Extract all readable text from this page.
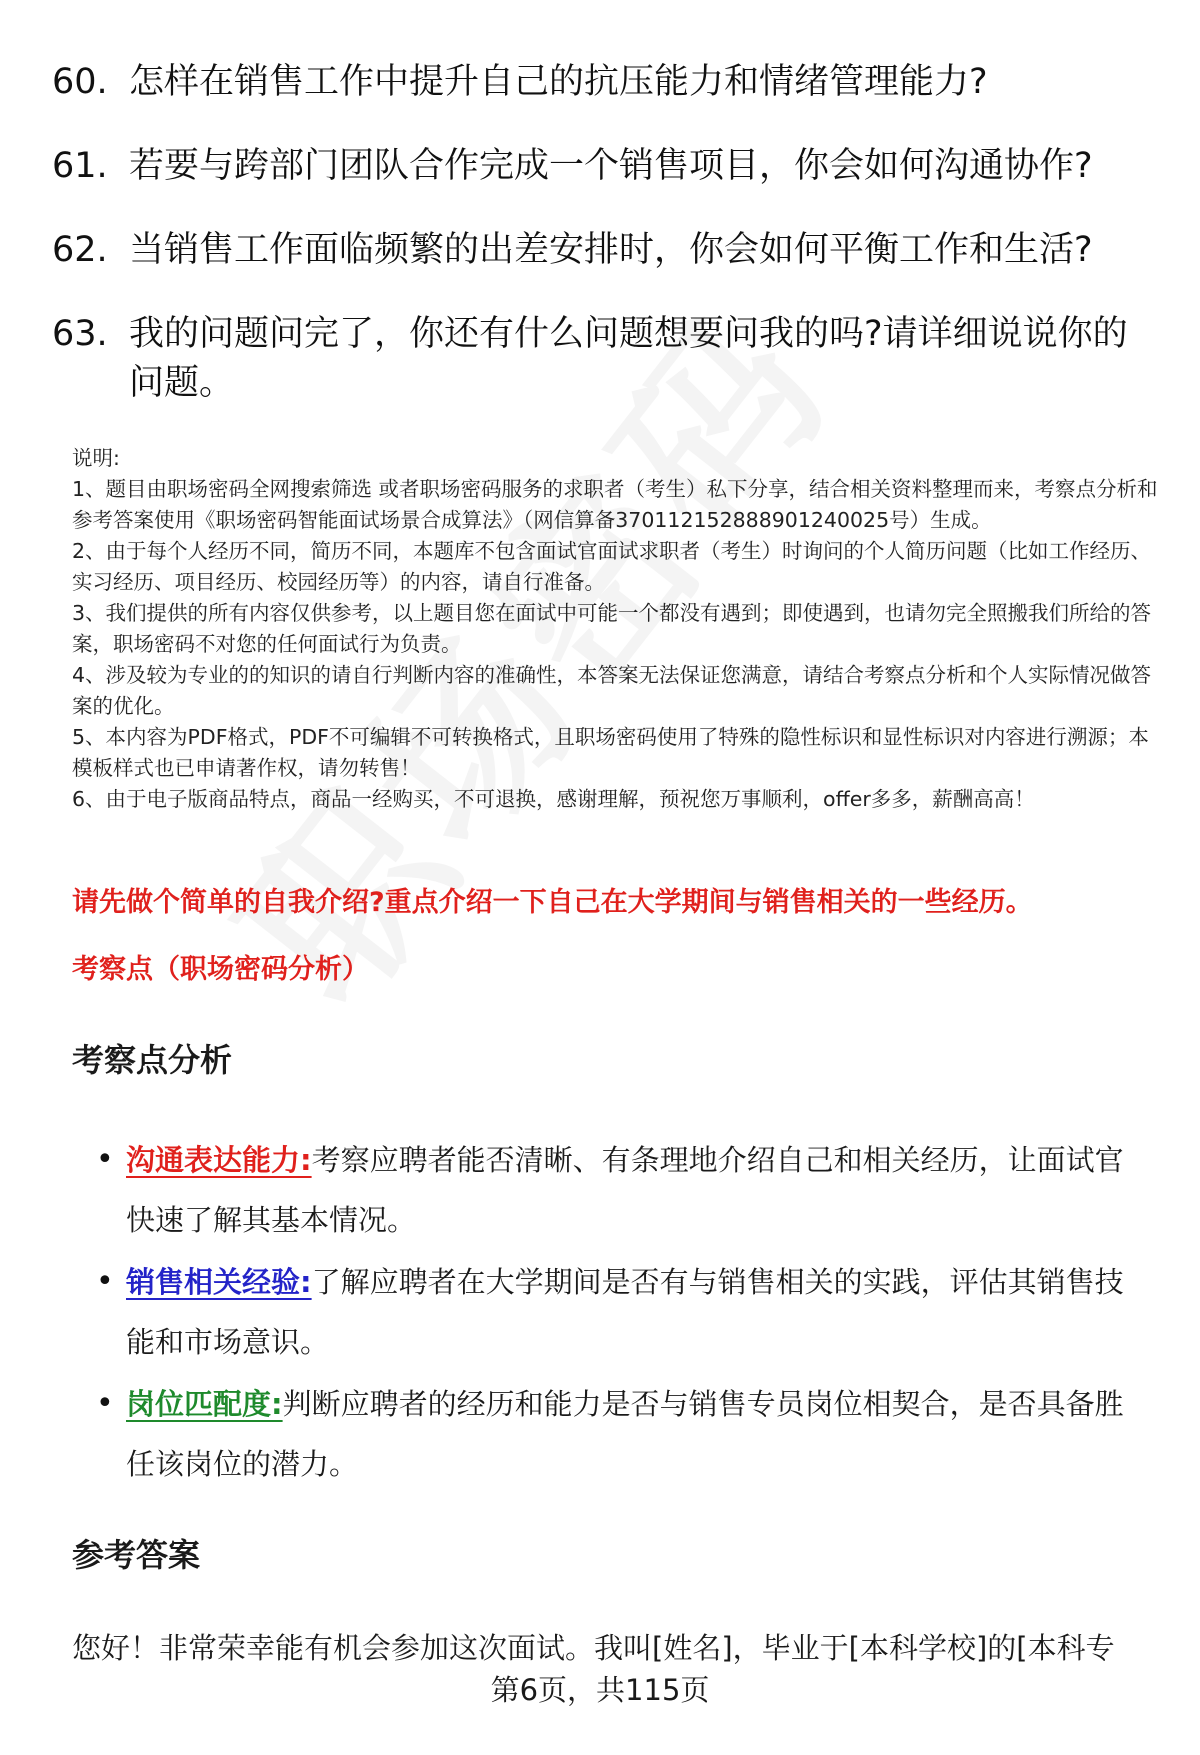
60. 怎样在销售工作中提升自己的抗压能力和情绪管理能力?
61. 若要与跨部门团队合作完成一个销售项目，你会如何沟通协作?
62. 当销售工作面临频繁的出差安排时，你会如何平衡工作和生活?
63. 我的问题问完了，你还有什么问题想要问我的吗?请详细说说你的问题。

说明:

1、题目由职场密码全网搜索筛选 或者职场密码服务的求职者（考生）私下分享，结合相关资料整理而来，考察点分析和参考答案使用《职场密码智能面试场景合成算法》（网信算备370112152888901240025号）生成。

2、由于每个人经历不同，简历不同，本题库不包含面试官面试求职者（考生）时询问的个人简历问题（比如工作经历、实习经历、项目经历、校园经历等）的内容，请自行准备。

3、我们提供的所有内容仅供参考，以上题目您在面试中可能一个都没有遇到；即使遇到，也请勿完全照搬我们所给的答案，职场密码不对您的任何面试行为负责。

4、涉及较为专业的的知识的请自行判断内容的准确性，本答案无法保证您满意，请结合考察点分析和个人实际情况做答案的优化。

5、本内容为PDF格式，PDF不可编辑不可转换格式，且职场密码使用了特殊的隐性标识和显性标识对内容进行溯源；本模板样式也已申请著作权，请勿转售！

6、由于电子版商品特点，商品一经购买，不可退换，感谢理解，预祝您万事顺利，offer多多，薪酬高高！

请先做个简单的自我介绍?重点介绍一下自己在大学期间与销售相关的一些经历。
考察点（职场密码分析）
考察点分析
• 沟通表达能力:考察应聘者能否清晰、有条理地介绍自己和相关经历，让面试官快速了解其基本情况。
• 销售相关经验:了解应聘者在大学期间是否有与销售相关的实践，评估其销售技能和市场意识。
• 岗位匹配度:判断应聘者的经历和能力是否与销售专员岗位相契合，是否具备胜任该岗位的潜力。
参考答案
您好！非常荣幸能有机会参加这次面试。我叫[姓名]，毕业于[本科学校]的[本科专
第6页，共115页
